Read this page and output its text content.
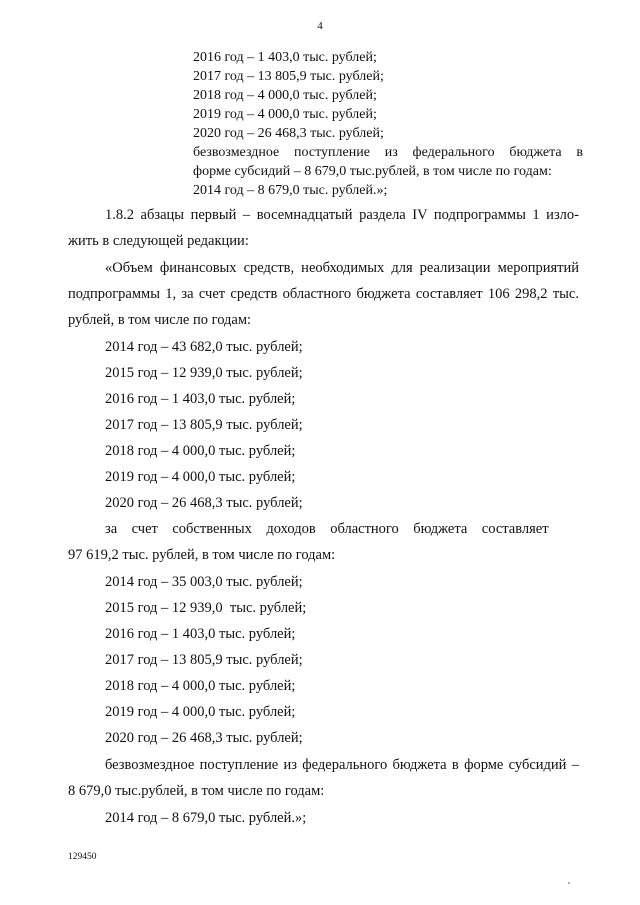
4
2016 год – 1 403,0 тыс. рублей;
2017 год – 13 805,9 тыс. рублей;
2018 год – 4 000,0 тыс. рублей;
2019 год – 4 000,0 тыс. рублей;
2020 год – 26 468,3 тыс. рублей;
безвозмездное поступление из федерального бюджета в
форме субсидий – 8 679,0 тыс.рублей, в том числе по годам:
2014 год – 8 679,0 тыс. рублей.»;
1.8.2 абзацы первый – восемнадцатый раздела IV подпрограммы 1 изло-
жить в следующей редакции:
«Объем финансовых средств, необходимых для реализации мероприятий
подпрограммы 1, за счет средств областного бюджета составляет 106 298,2 тыс.
рублей, в том числе по годам:
2014 год – 43 682,0 тыс. рублей;
2015 год – 12 939,0 тыс. рублей;
2016 год – 1 403,0 тыс. рублей;
2017 год – 13 805,9 тыс. рублей;
2018 год – 4 000,0 тыс. рублей;
2019 год – 4 000,0 тыс. рублей;
2020 год – 26 468,3 тыс. рублей;
за    счет    собственных    доходов    областного    бюджета    составляет
97 619,2 тыс. рублей, в том числе по годам:
2014 год – 35 003,0 тыс. рублей;
2015 год – 12 939,0  тыс. рублей;
2016 год – 1 403,0 тыс. рублей;
2017 год – 13 805,9 тыс. рублей;
2018 год – 4 000,0 тыс. рублей;
2019 год – 4 000,0 тыс. рублей;
2020 год – 26 468,3 тыс. рублей;
безвозмездное поступление из федерального бюджета в форме субсидий –
8 679,0 тыс.рублей, в том числе по годам:
2014 год – 8 679,0 тыс. рублей.»;
129450
